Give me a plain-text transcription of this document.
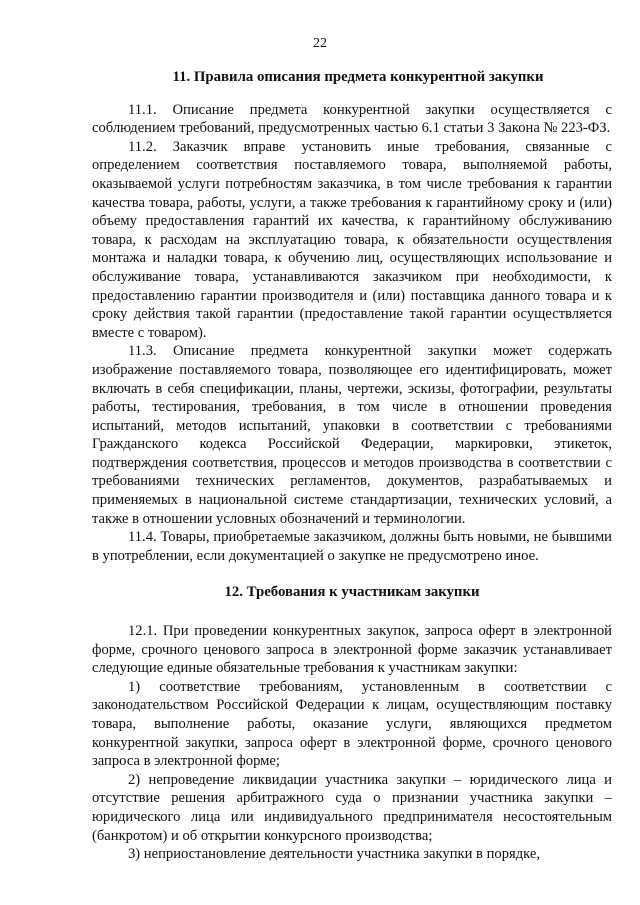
22
11. Правила описания предмета конкурентной закупки

11.1. Описание предмета конкурентной закупки осуществляется с соблюдением требований, предусмотренных частью 6.1 статьи 3 Закона № 223-ФЗ.

11.2. Заказчик вправе установить иные требования, связанные с определением соответствия поставляемого товара, выполняемой работы, оказываемой услуги потребностям заказчика, в том числе требования к гарантии качества товара, работы, услуги, а также требования к гарантийному сроку и (или) объему предоставления гарантий их качества, к гарантийному обслуживанию товара, к расходам на эксплуатацию товара, к обязательности осуществления монтажа и наладки товара, к обучению лиц, осуществляющих использование и обслуживание товара, устанавливаются заказчиком при необходимости, к предоставлению гарантии производителя и (или) поставщика данного товара и к сроку действия такой гарантии (предоставление такой гарантии осуществляется вместе с товаром).

11.3. Описание предмета конкурентной закупки может содержать изображение поставляемого товара, позволяющее его идентифицировать, может включать в себя спецификации, планы, чертежи, эскизы, фотографии, результаты работы, тестирования, требования, в том числе в отношении проведения испытаний, методов испытаний, упаковки в соответствии с требованиями Гражданского кодекса Российской Федерации, маркировки, этикеток, подтверждения соответствия, процессов и методов производства в соответствии с требованиями технических регламентов, документов, разрабатываемых и применяемых в национальной системе стандартизации, технических условий, а также в отношении условных обозначений и терминологии.

11.4. Товары, приобретаемые заказчиком, должны быть новыми, не бывшими в употреблении, если документацией о закупке не предусмотрено иное.

12. Требования к участникам закупки

12.1. При проведении конкурентных закупок, запроса оферт в электронной форме, срочного ценового запроса в электронной форме заказчик устанавливает следующие единые обязательные требования к участникам закупки:

1) соответствие требованиям, установленным в соответствии с законодательством Российской Федерации к лицам, осуществляющим поставку товара, выполнение работы, оказание услуги, являющихся предметом конкурентной закупки, запроса оферт в электронной форме, срочного ценового запроса в электронной форме;

2) непроведение ликвидации участника закупки – юридического лица и отсутствие решения арбитражного суда о признании участника закупки – юридического лица или индивидуального предпринимателя несостоятельным (банкротом) и об открытии конкурсного производства;

3) неприостановление деятельности участника закупки в порядке,
